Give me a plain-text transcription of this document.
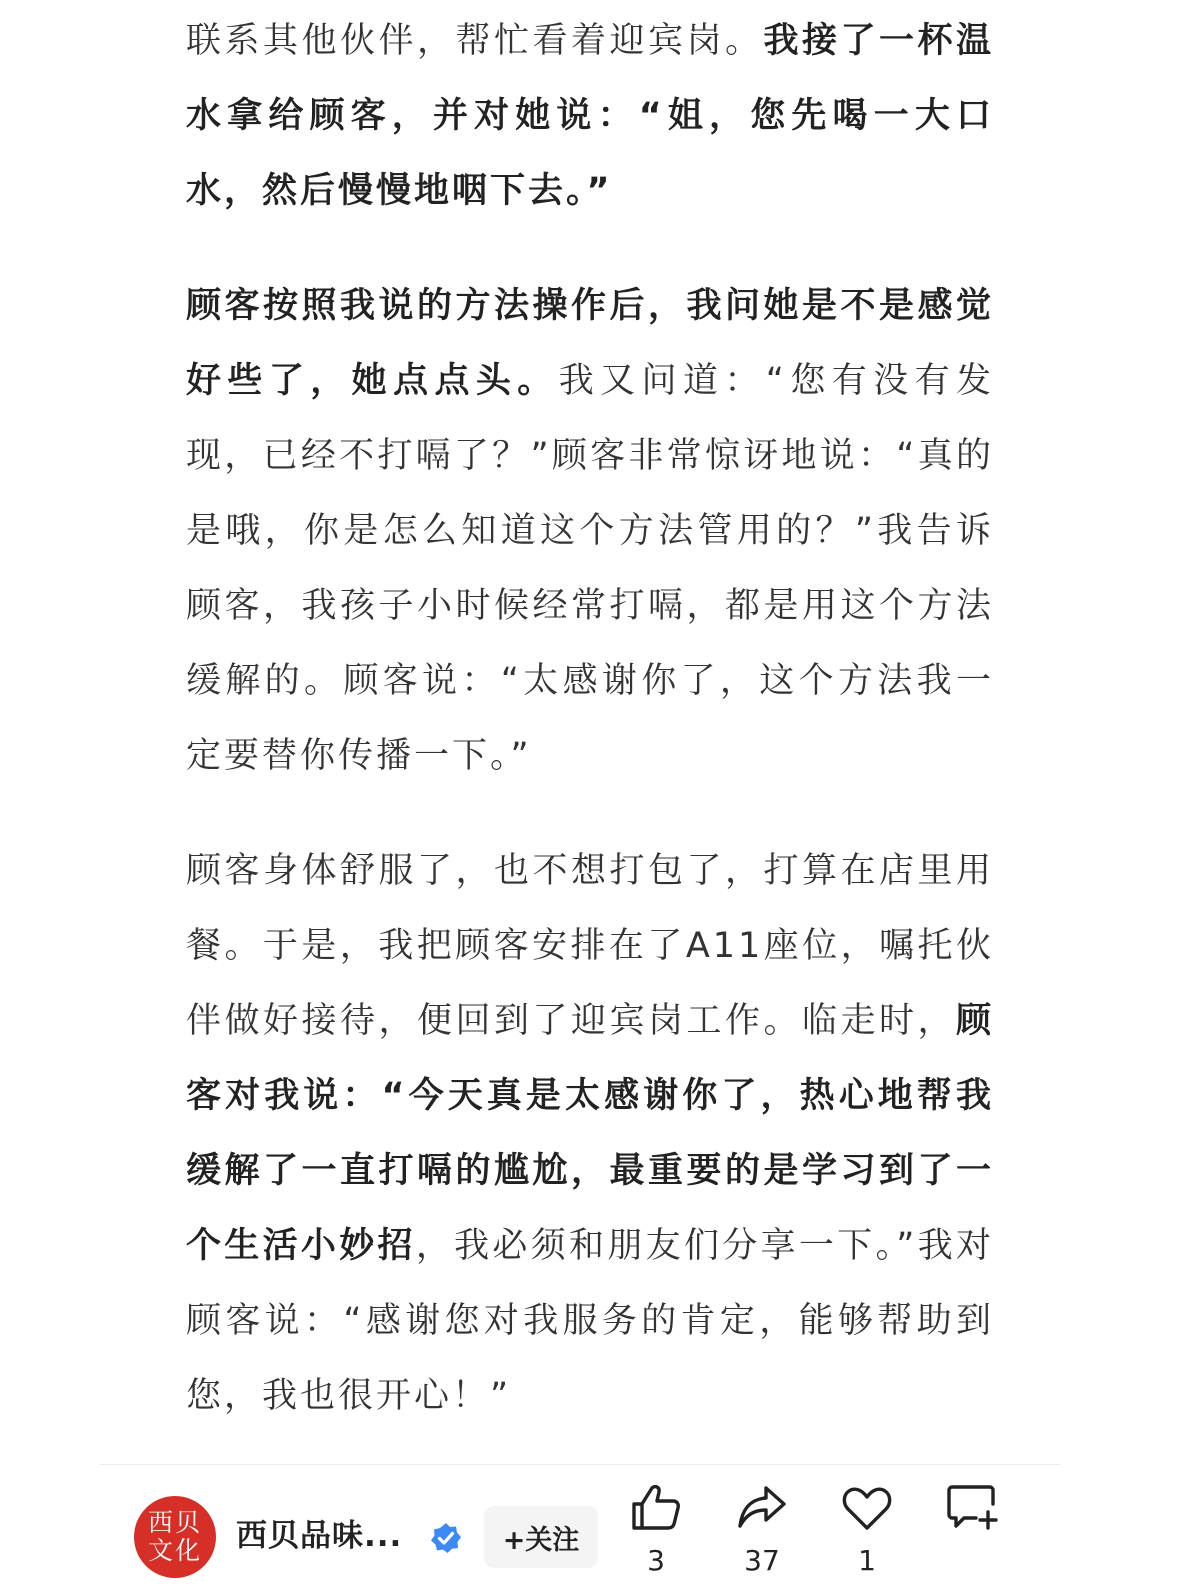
联系其他伙伴，帮忙看着迎宾岗。我接了一杯温水拿给顾客，并对她说：“姐，您先喝一大口水，然后慢慢地咽下去。”

顾客按照我说的方法操作后，我问她是不是感觉好些了，她点点头。我又问道：“您有没有发现，已经不打嗝了？”顾客非常惊讶地说：“真的是哦，你是怎么知道这个方法管用的？”我告诉顾客，我孩子小时候经常打嗝，都是用这个方法缓解的。顾客说：“太感谢你了，这个方法我一定要替你传播一下。”

顾客身体舒服了，也不想打包了，打算在店里用餐。于是，我把顾客安排在了A11座位，嘱托伙伴做好接待，便回到了迎宾岗工作。临走时，顾客对我说：“今天真是太感谢你了，热心地帮我缓解了一直打嗝的尴尬，最重要的是学习到了一个生活小妙招，我必须和朋友们分享一下。”我对顾客说：“感谢您对我服务的肯定，能够帮助到您，我也很开心！”

西贝文化 西贝品味...	+关注
3	37	1
